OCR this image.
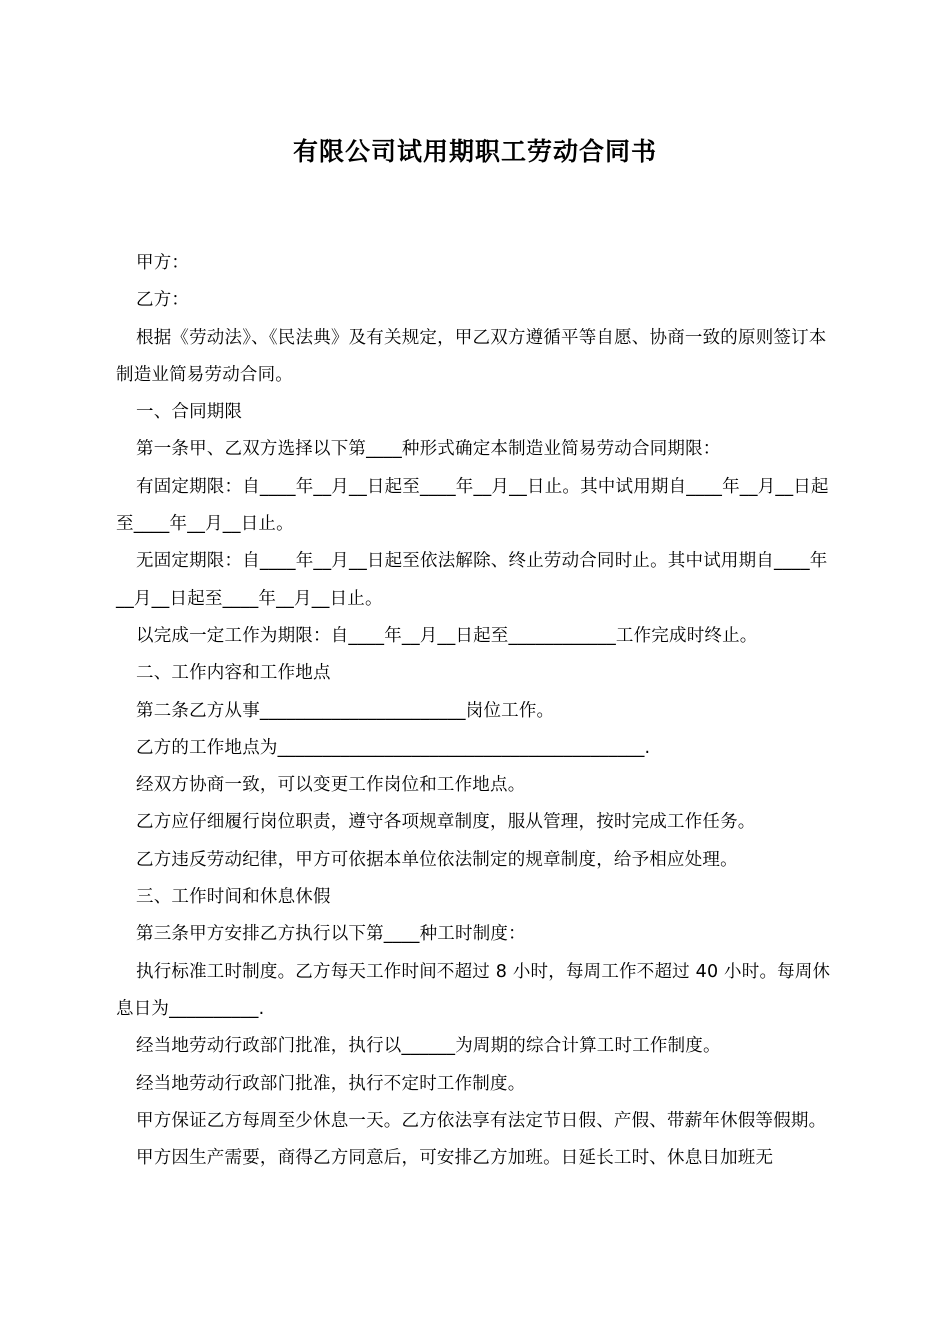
有限公司试用期职工劳动合同书

甲方：

乙方：

根据《劳动法》、《民法典》及有关规定，甲乙双方遵循平等自愿、协商一致的原则签订本制造业简易劳动合同。

一、合同期限

第一条甲、乙双方选择以下第____种形式确定本制造业简易劳动合同期限：

有固定期限：自____年__月__日起至____年__月__日止。其中试用期自____年__月__日起至____年__月__日止。

无固定期限：自____年__月__日起至依法解除、终止劳动合同时止。其中试用期自____年__月__日起至____年__月__日止。

以完成一定工作为期限：自____年__月__日起至____________工作完成时终止。

二、工作内容和工作地点

第二条乙方从事_______________________岗位工作。

乙方的工作地点为_________________________________________.

经双方协商一致，可以变更工作岗位和工作地点。

乙方应仔细履行岗位职责，遵守各项规章制度，服从管理，按时完成工作任务。

乙方违反劳动纪律，甲方可依据本单位依法制定的规章制度，给予相应处理。

三、工作时间和休息休假

第三条甲方安排乙方执行以下第____种工时制度：

执行标准工时制度。乙方每天工作时间不超过 8 小时，每周工作不超过 40 小时。每周休息日为__________.

经当地劳动行政部门批准，执行以______为周期的综合计算工时工作制度。

经当地劳动行政部门批准，执行不定时工作制度。

甲方保证乙方每周至少休息一天。乙方依法享有法定节日假、产假、带薪年休假等假期。

甲方因生产需要，商得乙方同意后，可安排乙方加班。日延长工时、休息日加班无
